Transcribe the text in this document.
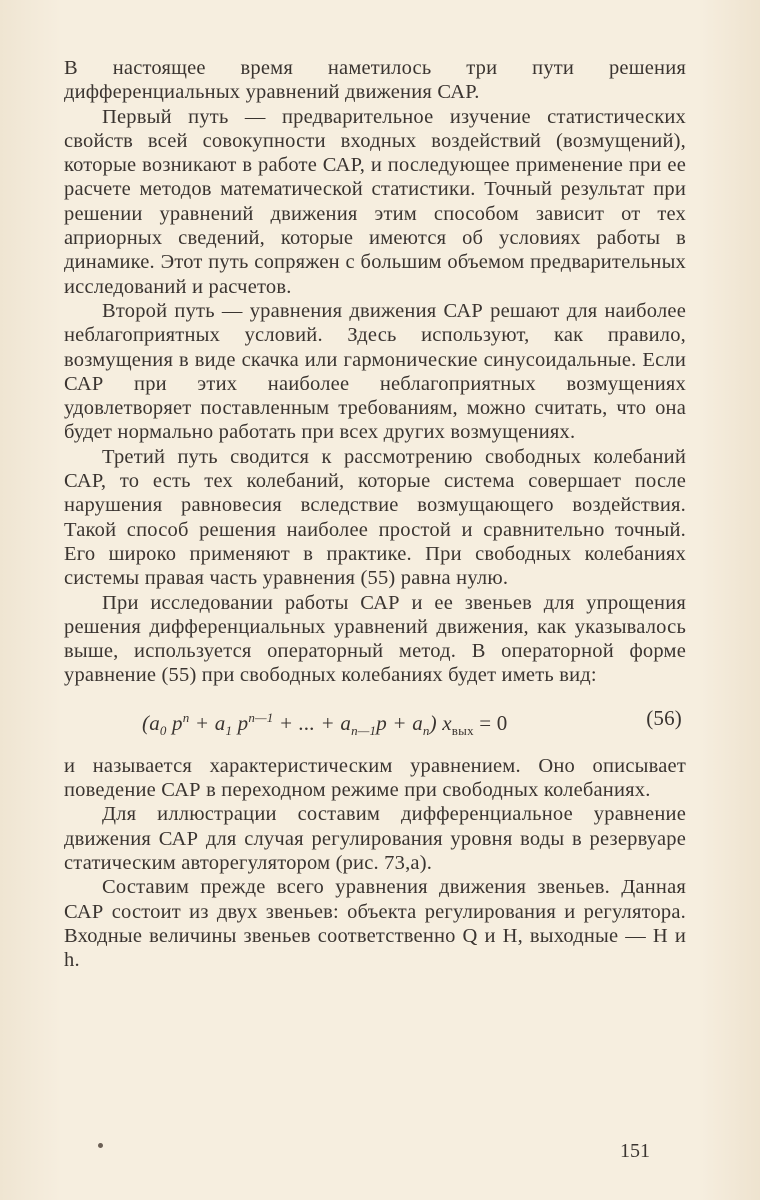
В настоящее время наметилось три пути решения дифференциальных уравнений движения САР.

Первый путь — предварительное изучение статистических свойств всей совокупности входных воздействий (возмущений), которые возникают в работе САР, и последующее применение при ее расчете методов математической статистики. Точный результат при решении уравнений движения этим способом зависит от тех априорных сведений, которые имеются об условиях работы в динамике. Этот путь сопряжен с большим объемом предварительных исследований и расчетов.

Второй путь — уравнения движения САР решают для наиболее неблагоприятных условий. Здесь используют, как правило, возмущения в виде скачка или гармонические синусоидальные. Если САР при этих наиболее неблагоприятных возмущениях удовлетворяет поставленным требованиям, можно считать, что она будет нормально работать при всех других возмущениях.

Третий путь сводится к рассмотрению свободных колебаний САР, то есть тех колебаний, которые система совершает после нарушения равновесия вследствие возмущающего воздействия. Такой способ решения наиболее простой и сравнительно точный. Его широко применяют в практике. При свободных колебаниях системы правая часть уравнения (55) равна нулю.

При исследовании работы САР и ее звеньев для упрощения решения дифференциальных уравнений движения, как указывалось выше, используется операторный метод. В операторной форме уравнение (55) при свободных колебаниях будет иметь вид:

($a_0$ $p^n + a_1$ $p^{n—1}$ + ... + $a_{n—1}p + a_n$) $x_{вых} = 0$	(56)

и называется характеристическим уравнением. Оно описывает поведение САР в переходном режиме при свободных колебаниях.

Для иллюстрации составим дифференциальное уравнение движения САР для случая регулирования уровня воды в резервуаре статическим авторегулятором (рис. 73,а).

Составим прежде всего уравнения движения звеньев. Данная САР состоит из двух звеньев: объекта регулирования и регулятора. Входные величины звеньев соответственно Q и H, выходные — H и h.

151
